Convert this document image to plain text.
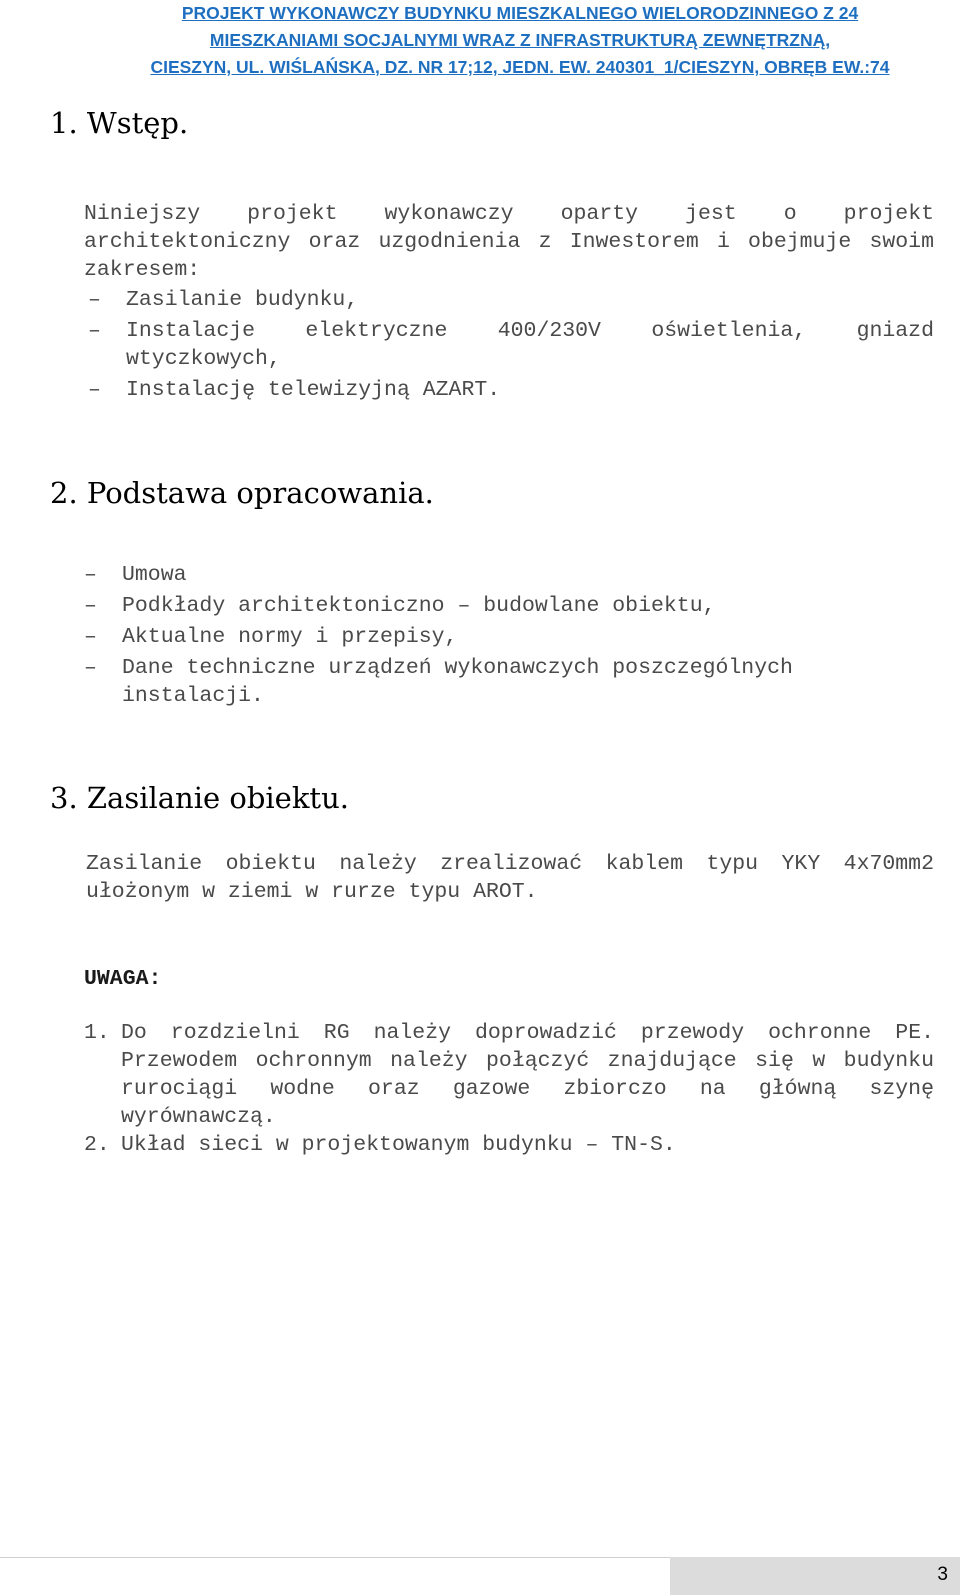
PROJEKT WYKONAWCZY BUDYNKU MIESZKALNEGO WIELORODZINNEGO Z 24
MIESZKANIAMI SOCJALNYMI WRAZ Z INFRASTRUKTURĄ ZEWNĘTRZNĄ,
CIESZYN, UL. WIŚLAŃSKA, DZ. NR 17;12, JEDN. EW. 240301_1/CIESZYN, OBRĘB EW.:74
1. Wstęp.
Niniejszy projekt wykonawczy oparty jest o projekt architektoniczny oraz uzgodnienia z Inwestorem i obejmuje swoim zakresem:
– Zasilanie budynku,
– Instalacje elektryczne 400/230V oświetlenia, gniazd wtyczkowych,
– Instalację telewizyjną AZART.
2. Podstawa opracowania.
– Umowa
– Podkłady architektoniczno – budowlane obiektu,
– Aktualne normy i przepisy,
– Dane techniczne urządzeń wykonawczych poszczególnych instalacji.
3. Zasilanie obiektu.
Zasilanie obiektu należy zrealizować kablem typu YKY 4x70mm2 ułożonym w ziemi w rurze typu AROT.
UWAGA:
1. Do rozdzielni RG należy doprowadzić przewody ochronne PE. Przewodem ochronnym należy połączyć znajdujące się w budynku rurociągi wodne oraz gazowe zbiorczo na główną szynę wyrównawczą.
2. Układ sieci w projektowanym budynku – TN-S.
3
